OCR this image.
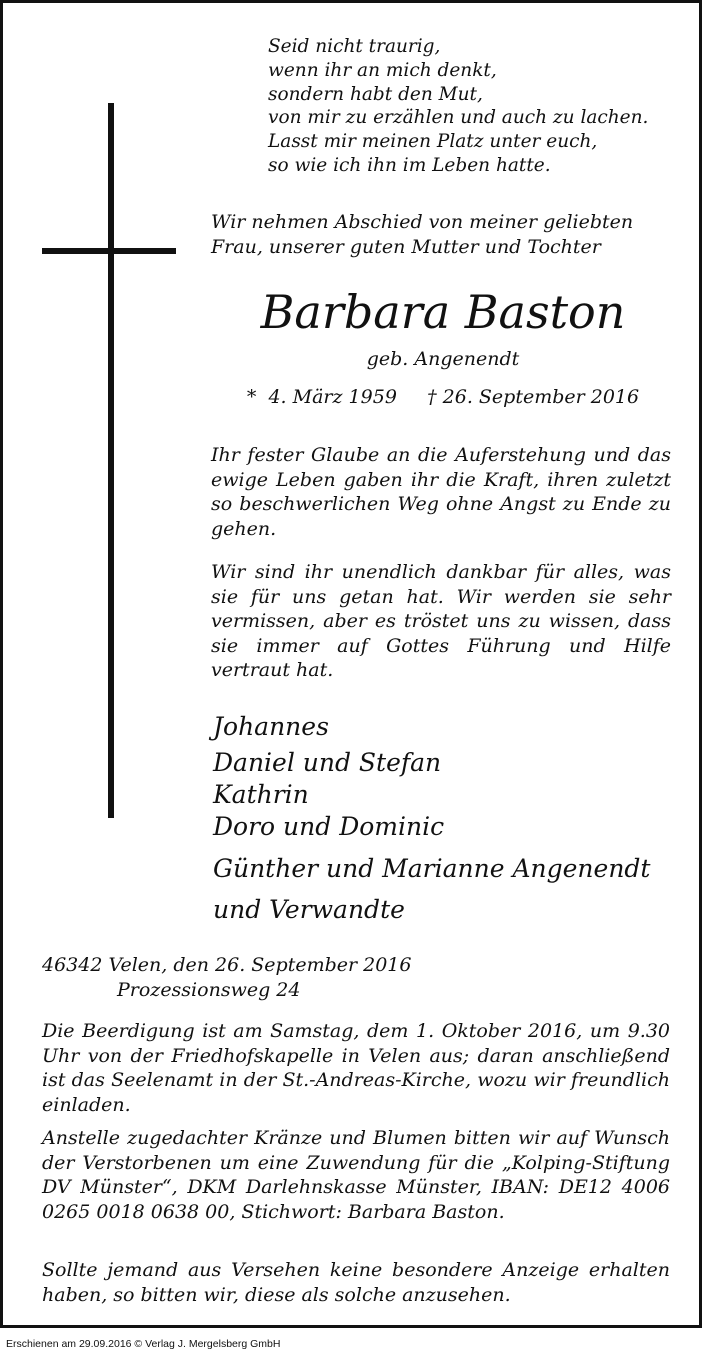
Seid nicht traurig,
wenn ihr an mich denkt,
sondern habt den Mut,
von mir zu erzählen und auch zu lachen.
Lasst mir meinen Platz unter euch,
so wie ich ihn im Leben hatte.
Wir nehmen Abschied von meiner geliebten
Frau, unserer guten Mutter und Tochter
Barbara Baston
geb. Angenendt
*  4. März 1959     † 26. September 2016

Ihr fester Glaube an die Auferstehung und das ewige Leben gaben ihr die Kraft, ihren zuletzt so beschwerlichen Weg ohne Angst zu Ende zu gehen.

Wir sind ihr unendlich dankbar für alles, was sie für uns getan hat. Wir werden sie sehr vermissen, aber es tröstet uns zu wissen, dass sie immer auf Gottes Führung und Hilfe vertraut hat.

Johannes
Daniel und Stefan
Kathrin
Doro und Dominic
Günther und Marianne Angenendt
und Verwandte
46342 Velen, den 26. September 2016
Prozessionsweg 24

Die Beerdigung ist am Samstag, dem 1. Oktober 2016, um 9.30 Uhr von der Friedhofskapelle in Velen aus; daran anschließend ist das Seelenamt in der St.-Andreas-Kirche, wozu wir freundlich einladen.

Anstelle zugedachter Kränze und Blumen bitten wir auf Wunsch der Verstorbenen um eine Zuwendung für die „Kolping-Stiftung DV Münster“, DKM Darlehnskasse Münster, IBAN: DE12 4006 0265 0018 0638 00, Stichwort: Barbara Baston.

Sollte jemand aus Versehen keine besondere Anzeige erhalten haben, so bitten wir, diese als solche anzusehen.

Erschienen am 29.09.2016 © Verlag J. Mergelsberg GmbH
